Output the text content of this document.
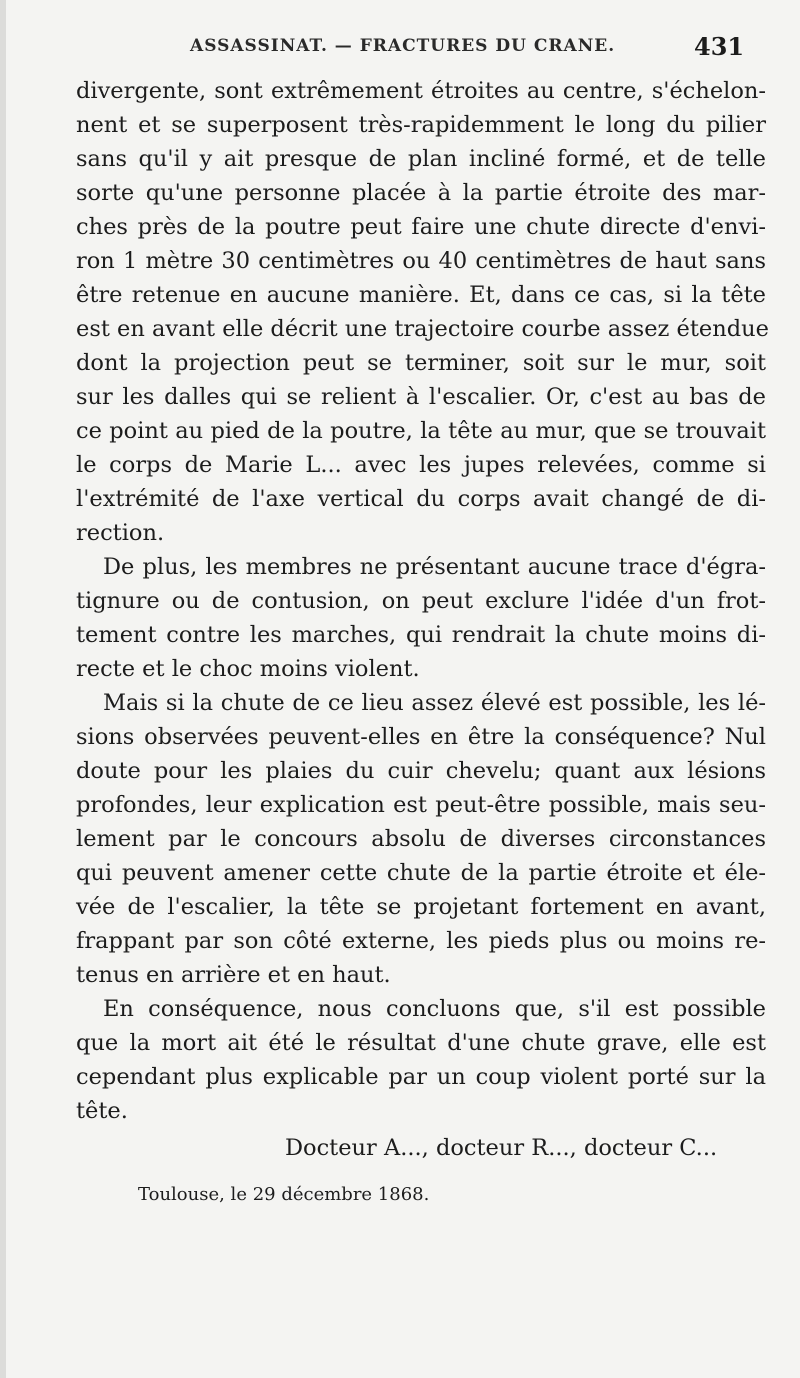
ASSASSINAT. — FRACTURES DU CRANE.	431
divergente, sont extrêmement étroites au centre, s'échelon-
nent et se superposent très-rapidemment le long du pilier
sans qu'il y ait presque de plan incliné formé, et de telle
sorte qu'une personne placée à la partie étroite des mar-
ches près de la poutre peut faire une chute directe d'envi-
ron 1 mètre 30 centimètres ou 40 centimètres de haut sans
être retenue en aucune manière. Et, dans ce cas, si la tête
est en avant elle décrit une trajectoire courbe assez étendue
dont la projection peut se terminer, soit sur le mur, soit
sur les dalles qui se relient à l'escalier. Or, c'est au bas de
ce point au pied de la poutre, la tête au mur, que se trouvait
le corps de Marie L... avec les jupes relevées, comme si
l'extrémité de l'axe vertical du corps avait changé de di-
rection.
De plus, les membres ne présentant aucune trace d'égra-
tignure ou de contusion, on peut exclure l'idée d'un frot-
tement contre les marches, qui rendrait la chute moins di-
recte et le choc moins violent.
Mais si la chute de ce lieu assez élevé est possible, les lé-
sions observées peuvent-elles en être la conséquence? Nul
doute pour les plaies du cuir chevelu; quant aux lésions
profondes, leur explication est peut-être possible, mais seu-
lement par le concours absolu de diverses circonstances
qui peuvent amener cette chute de la partie étroite et éle-
vée de l'escalier, la tête se projetant fortement en avant,
frappant par son côté externe, les pieds plus ou moins re-
tenus en arrière et en haut.
En conséquence, nous concluons que, s'il est possible
que la mort ait été le résultat d'une chute grave, elle est
cependant plus explicable par un coup violent porté sur la
tête.
Docteur A..., docteur R..., docteur C...
Toulouse, le 29 décembre 1868.
